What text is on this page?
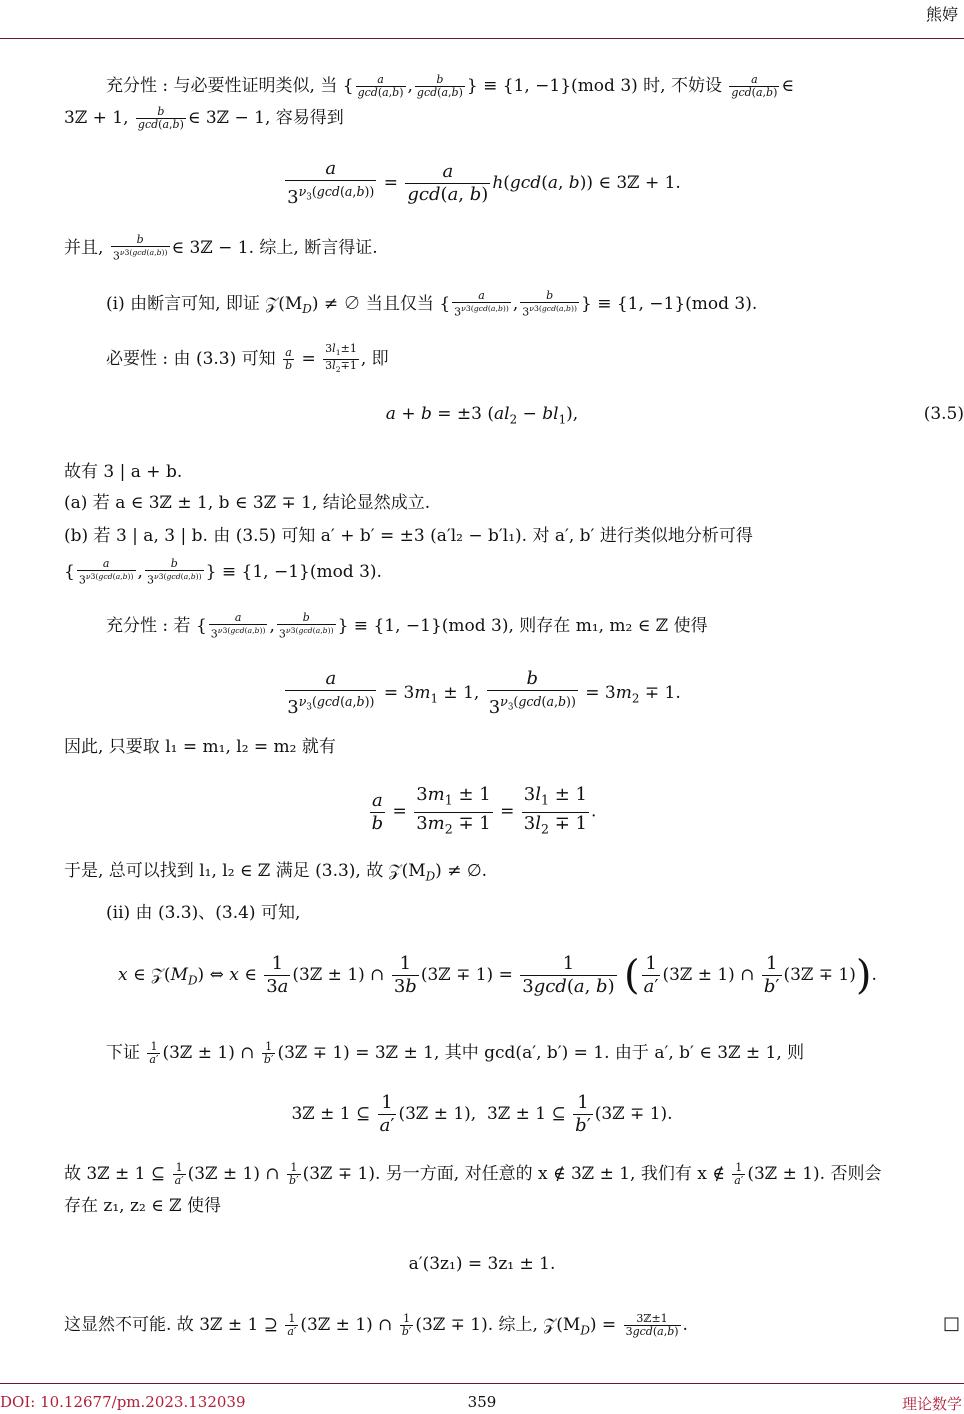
熊婷
充分性 : 与必要性证明类似, 当 { $\frac{a}{\gcd(a,b)}$ , $\frac{b}{\gcd(a,b)}$ } ≡ {1, −1}(mod 3) 时, 不妨设 $\frac{a}{\gcd(a,b)}$ ∈
3ℤ + 1, $\frac{b}{\gcd(a,b)}$ ∈ 3ℤ − 1, 容易得到
$\frac{a}{3^{\nu_3(gcd(a,b))}} = \frac{a}{\gcd(a, b)} h(\gcd(a$, b)) ∈ 3ℤ + 1.
并且, $\frac{b}{3^{\nu 3(gcd(a,b))}}$ ∈ 3ℤ − 1. 综上, 断言得证.
(i) 由断言可知, 即证 $𝒵(M_D)$ ≠ ∅ 当且仅当 { $\frac{a}{3^{\nu 3(gcd(a,b))}}$ , $\frac{b}{3^{\nu 3(gcd(a,b))}}$ } ≡ {1, −1}(mod 3).
必要性 : 由 (3.3) 可知 $\frac{a}{b} = \frac{3l_1\pm 1}{3l_2\mp 1}$ , 即
a + b = ±3 $(al_2 - bl_1)$,	(3.5)
故有 3 | a + b.
(a) 若 a ∈ 3ℤ ± 1, b ∈ 3ℤ ∓ 1, 结论显然成立.
(b) 若 3 | a, 3 | b. 由 (3.5) 可知 a′ + b′ = ±3 (a′l₂ − b′l₁). 对 a′, b′ 进行类似地分析可得
{ $\frac{a}{3^{\nu 3(gcd(a,b))}}$ , $\frac{b}{3^{\nu 3(gcd(a,b))}}$ } ≡ {1, −1}(mod 3).
充分性 : 若 { $\frac{a}{3^{\nu 3(gcd(a,b))}}$ , $\frac{b}{3^{\nu 3(gcd(a,b))}}$ } ≡ {1, −1}(mod 3), 则存在 m₁, m₂ ∈ ℤ 使得
$\frac{a}{3^{\nu_3(gcd(a,b))}} = 3m_1 \pm 1$, $\frac{b}{3^{\nu_3(gcd(a,b))}} = 3m_2 \mp 1$.
因此, 只要取 l₁ = m₁, l₂ = m₂ 就有
$\frac{a}{b} = \frac{3m_1 \pm 1}{3m_2 \mp 1} = \frac{3l_1 \pm 1}{3l_2 \mp 1}$ .
于是, 总可以找到 l₁, l₂ ∈ ℤ 满足 (3.3), 故 $𝒵(M_D)$ ≠ ∅.
(ii) 由 (3.3)、(3.4) 可知,
x ∈ $𝒵(M_D)$ ⇔ x ∈ $\frac{1}{3a}$ (3ℤ ± 1) ∩ $\frac{1}{3b}$ (3ℤ ∓ $1) = \frac{1}{3\gcd(a, b)}$ ( $\frac{1}{a'}$ (3ℤ ± 1) ∩ $\frac{1}{b'}$ (3ℤ ∓ 1)).
下证 $\frac{1}{a'}$ (3ℤ ± 1) ∩ $\frac{1}{b'}$ (3ℤ ∓ 1) = 3ℤ ± 1, 其中 gcd(a′, b′) = 1. 由于 a′, b′ ∈ 3ℤ ± 1, 则
3ℤ ± 1 ⊆ $\frac{1}{a'}$ (3ℤ ± 1),  3ℤ ± 1 ⊆ $\frac{1}{b'}$ (3ℤ ∓ 1).
故 3ℤ ± 1 ⊆ $\frac{1}{a'}$ (3ℤ ± 1) ∩ $\frac{1}{b'}$ (3ℤ ∓ 1). 另一方面, 对任意的 x ∉ 3ℤ ± 1, 我们有 x ∉ $\frac{1}{a'}$ (3ℤ ± 1). 否则会
存在 z₁, z₂ ∈ ℤ 使得
a′(3z₁) = 3z₁ ± 1.
这显然不可能. 故 3ℤ ± 1 ⊇ $\frac{1}{a'}$ (3ℤ ± 1) ∩ $\frac{1}{b'}$ (3ℤ ∓ 1). 综上, $𝒵(M_D) = \frac{\text{3ℤ±1}}{3\gcd(a,b)}$ .	□
DOI: 10.12677/pm.2023.132039	359	理论数学
